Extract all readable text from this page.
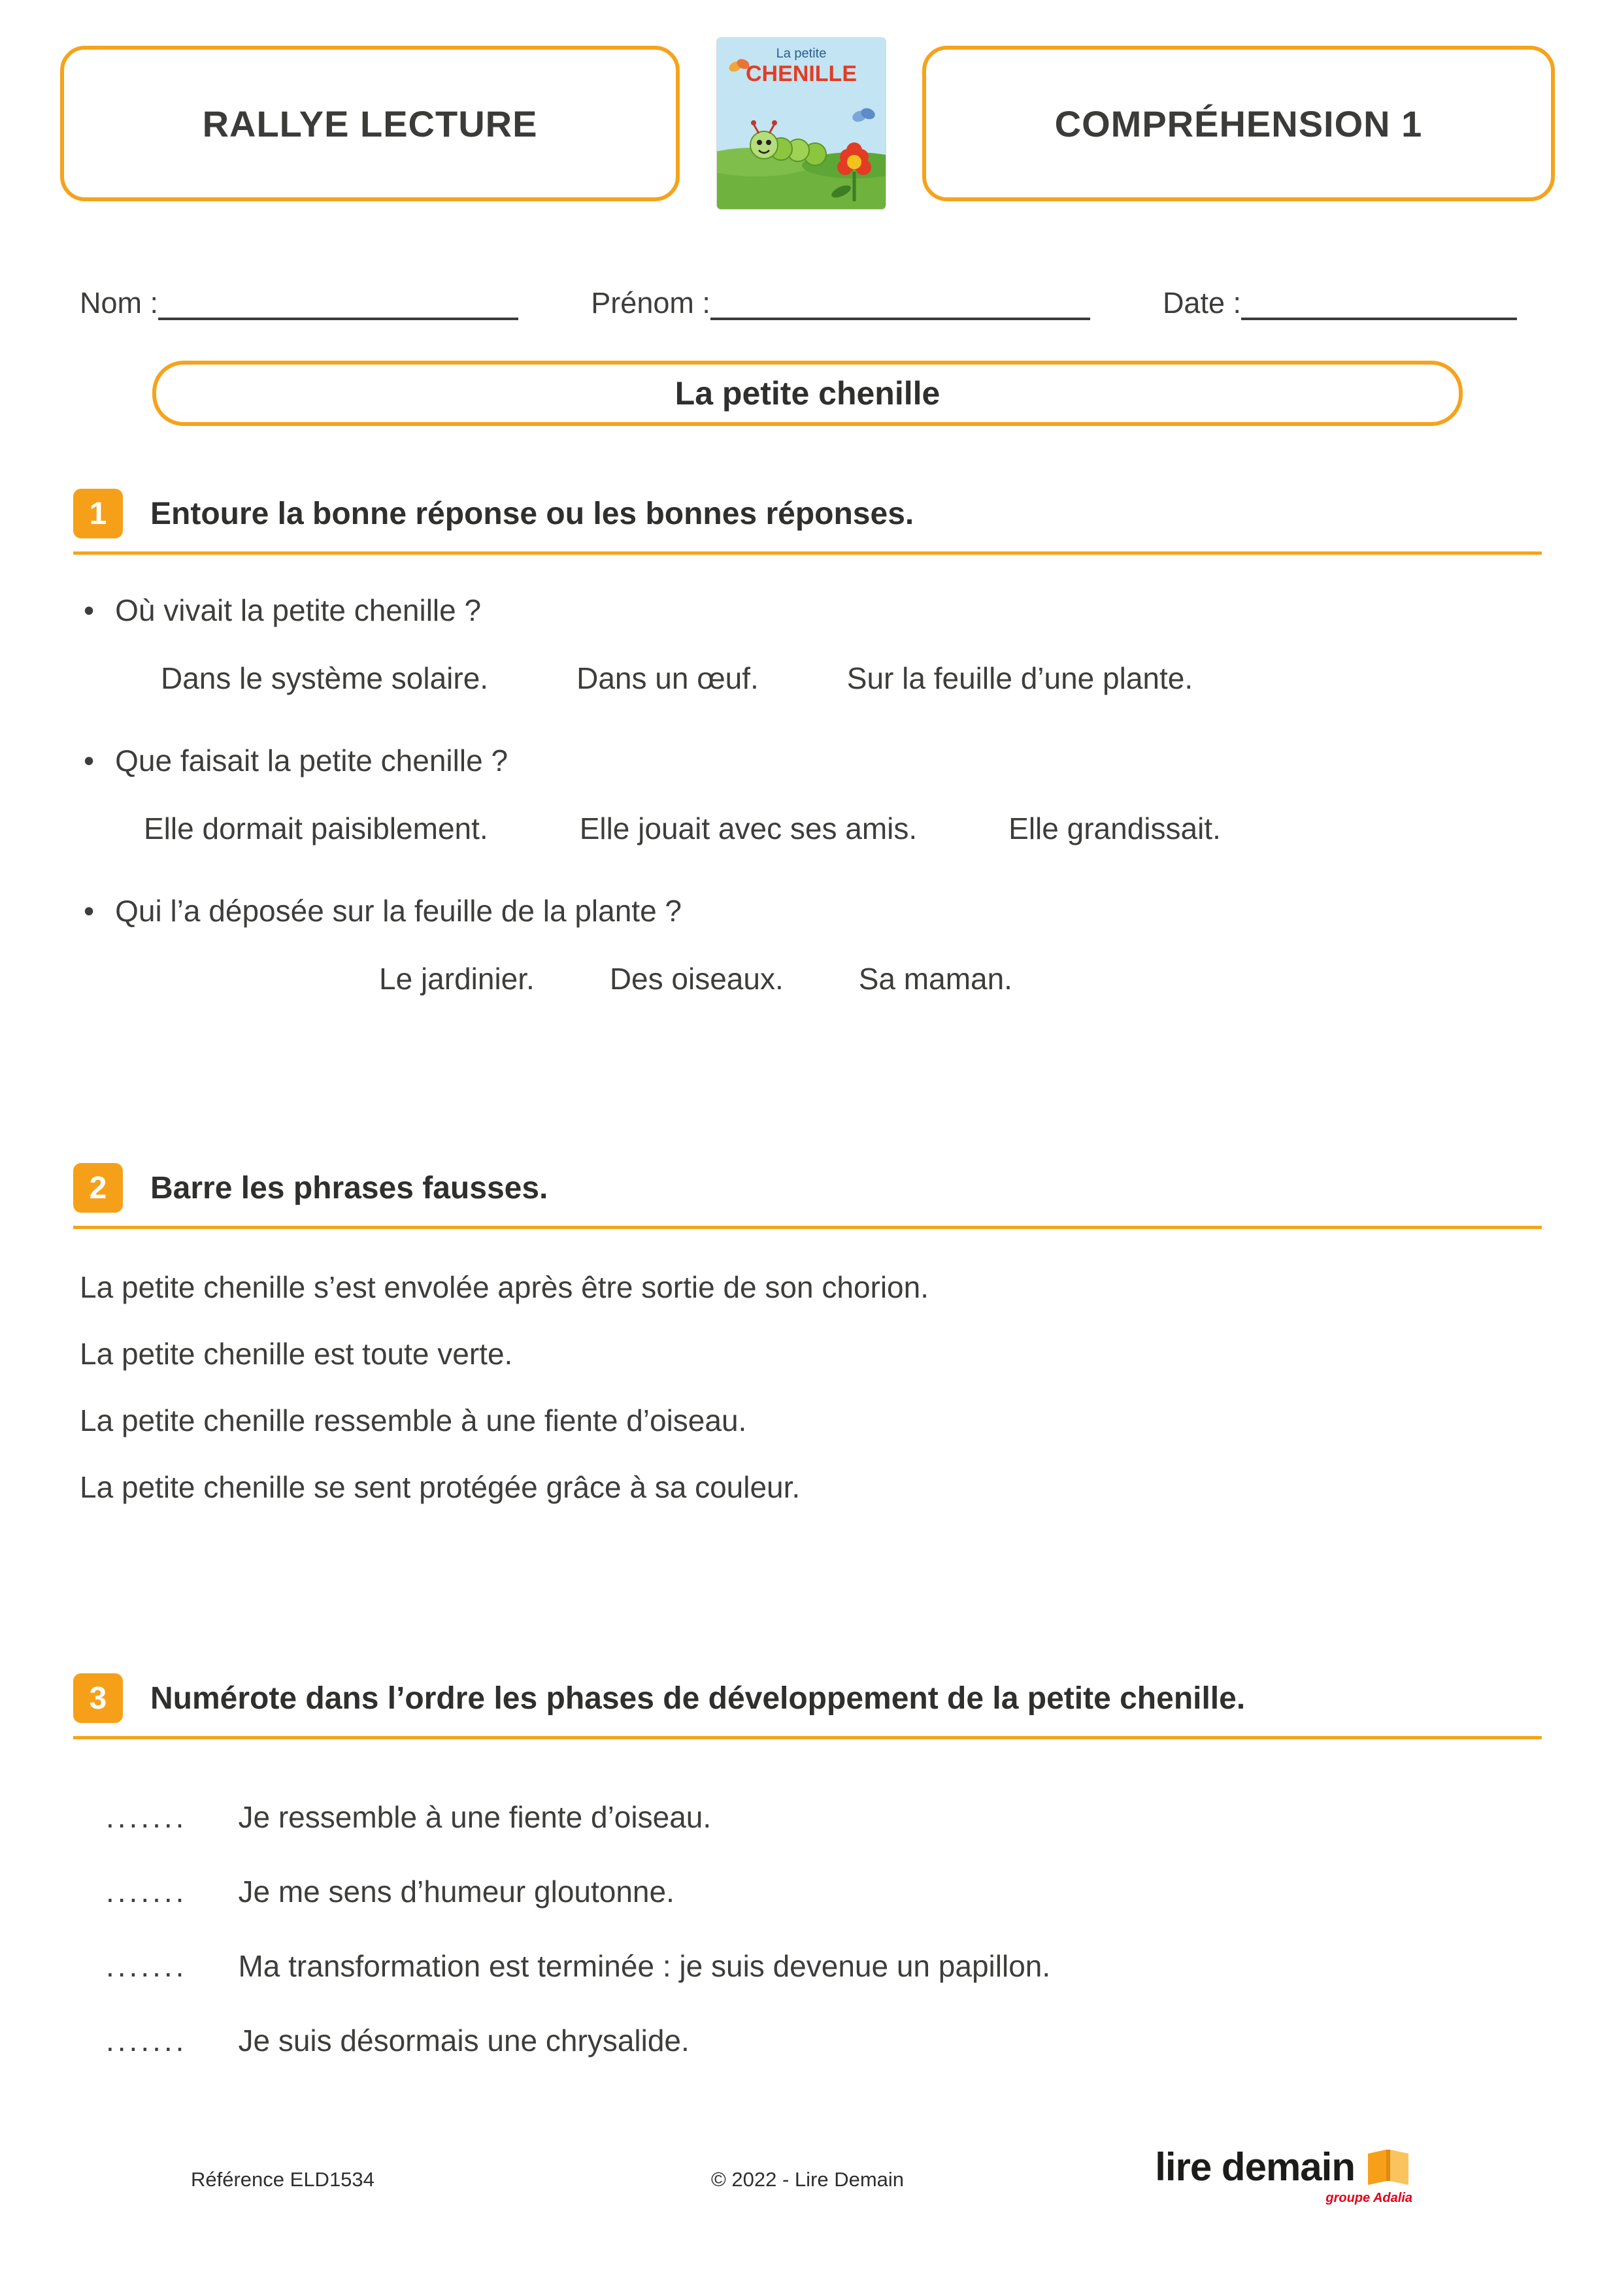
RALLYE LECTURE
La petite
CHENILLE
COMPRÉHENSION 1
Nom :	Prénom :	Date :
La petite chenille
1	Entoure la bonne réponse ou les bonnes réponses.
• Où vivait la petite chenille ?
Dans le système solaire.	Dans un œuf.	Sur la feuille d’une plante.
• Que faisait la petite chenille ?
Elle dormait paisiblement.	Elle jouait avec ses amis.	Elle grandissait.
• Qui l’a déposée sur la feuille de la plante ?
Le jardinier.	Des oiseaux.	Sa maman.
2	Barre les phrases fausses.
La petite chenille s’est envolée après être sortie de son chorion.
La petite chenille est toute verte.
La petite chenille ressemble à une fiente d’oiseau.
La petite chenille se sent protégée grâce à sa couleur.
3	Numérote dans l’ordre les phases de développement de la petite chenille.
....... Je ressemble à une fiente d’oiseau.
....... Je me sens d’humeur gloutonne.
....... Ma transformation est terminée : je suis devenue un papillon.
....... Je suis désormais une chrysalide.
Référence ELD1534	© 2022 - Lire Demain	lire demain
groupe Adalia
